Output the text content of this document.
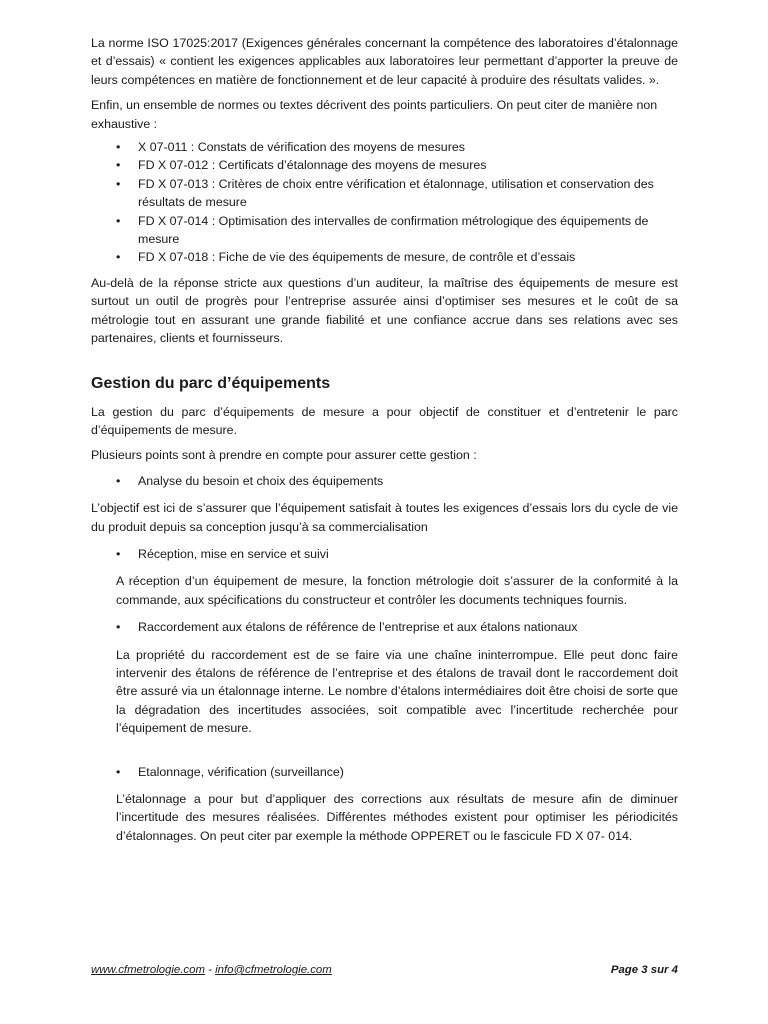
La norme ISO 17025:2017 (Exigences générales concernant la compétence des laboratoires d’étalonnage et d’essais) « contient les exigences applicables aux laboratoires leur permettant d’apporter la preuve de leurs compétences en matière de fonctionnement et de leur capacité à produire des résultats valides. ».

Enfin, un ensemble de normes ou textes décrivent des points particuliers. On peut citer de manière non exhaustive :

• X 07-011 : Constats de vérification des moyens de mesures
• FD X 07-012 : Certificats d’étalonnage des moyens de mesures
• FD X 07-013 : Critères de choix entre vérification et étalonnage, utilisation et conservation des résultats de mesure
• FD X 07-014 : Optimisation des intervalles de confirmation métrologique des équipements de mesure
• FD X 07-018 : Fiche de vie des équipements de mesure, de contrôle et d’essais

Au-delà de la réponse stricte aux questions d’un auditeur, la maîtrise des équipements de mesure est surtout un outil de progrès pour l’entreprise assurée ainsi d’optimiser ses mesures et le coût de sa métrologie tout en assurant une grande fiabilité et une confiance accrue dans ses relations avec ses partenaires, clients et fournisseurs.

Gestion du parc d’équipements

La gestion du parc d’équipements de mesure a pour objectif de constituer et d’entretenir le parc d’équipements de mesure.

Plusieurs points sont à prendre en compte pour assurer cette gestion :

• Analyse du besoin et choix des équipements

L’objectif est ici de s’assurer que l’équipement satisfait à toutes les exigences d’essais lors du cycle de vie du produit depuis sa conception jusqu’à sa commercialisation

• Réception, mise en service et suivi

A réception d’un équipement de mesure, la fonction métrologie doit s’assurer de la conformité à la commande, aux spécifications du constructeur et contrôler les documents techniques fournis.

• Raccordement aux étalons de référence de l’entreprise et aux étalons nationaux

La propriété du raccordement est de se faire via une chaîne ininterrompue. Elle peut donc faire intervenir des étalons de référence de l’entreprise et des étalons de travail dont le raccordement doit être assuré via un étalonnage interne. Le nombre d’étalons intermédiaires doit être choisi de sorte que la dégradation des incertitudes associées, soit compatible avec l’incertitude recherchée pour l’équipement de mesure.

• Etalonnage, vérification (surveillance)

L’étalonnage a pour but d’appliquer des corrections aux résultats de mesure afin de diminuer l’incertitude des mesures réalisées. Différentes méthodes existent pour optimiser les périodicités d’étalonnages. On peut citer par exemple la méthode OPPERET ou le fascicule FD X 07- 014.

www.cfmetrologie.com - info@cfmetrologie.com	Page 3 sur 4
